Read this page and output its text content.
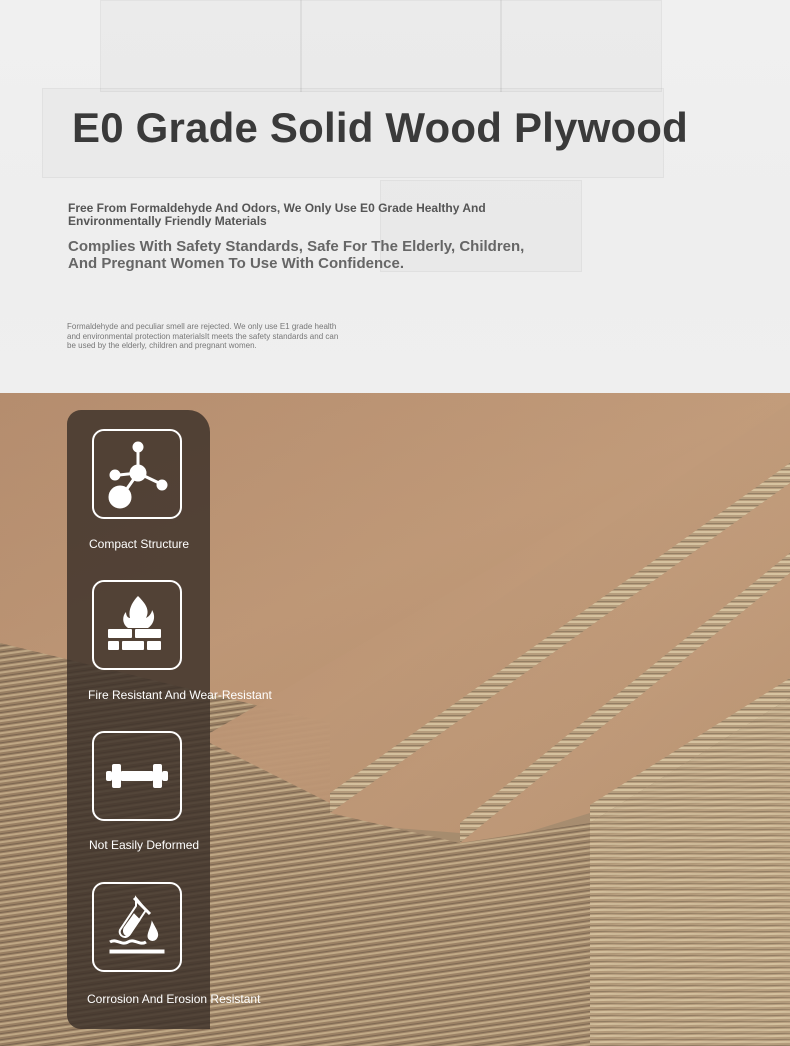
E0 Grade Solid Wood Plywood

Free From Formaldehyde And Odors, We Only Use E0 Grade Healthy And Environmentally Friendly Materials

Complies With Safety Standards, Safe For The Elderly, Children, And Pregnant Women To Use With Confidence.

Formaldehyde and peculiar smell are rejected. We only use E1 grade health and environmental protection materialsIt meets the safety standards and can be used by the elderly, children and pregnant women.

Compact Structure
Fire Resistant And Wear-Resistant
Not Easily Deformed
Corrosion And Erosion Resistant
